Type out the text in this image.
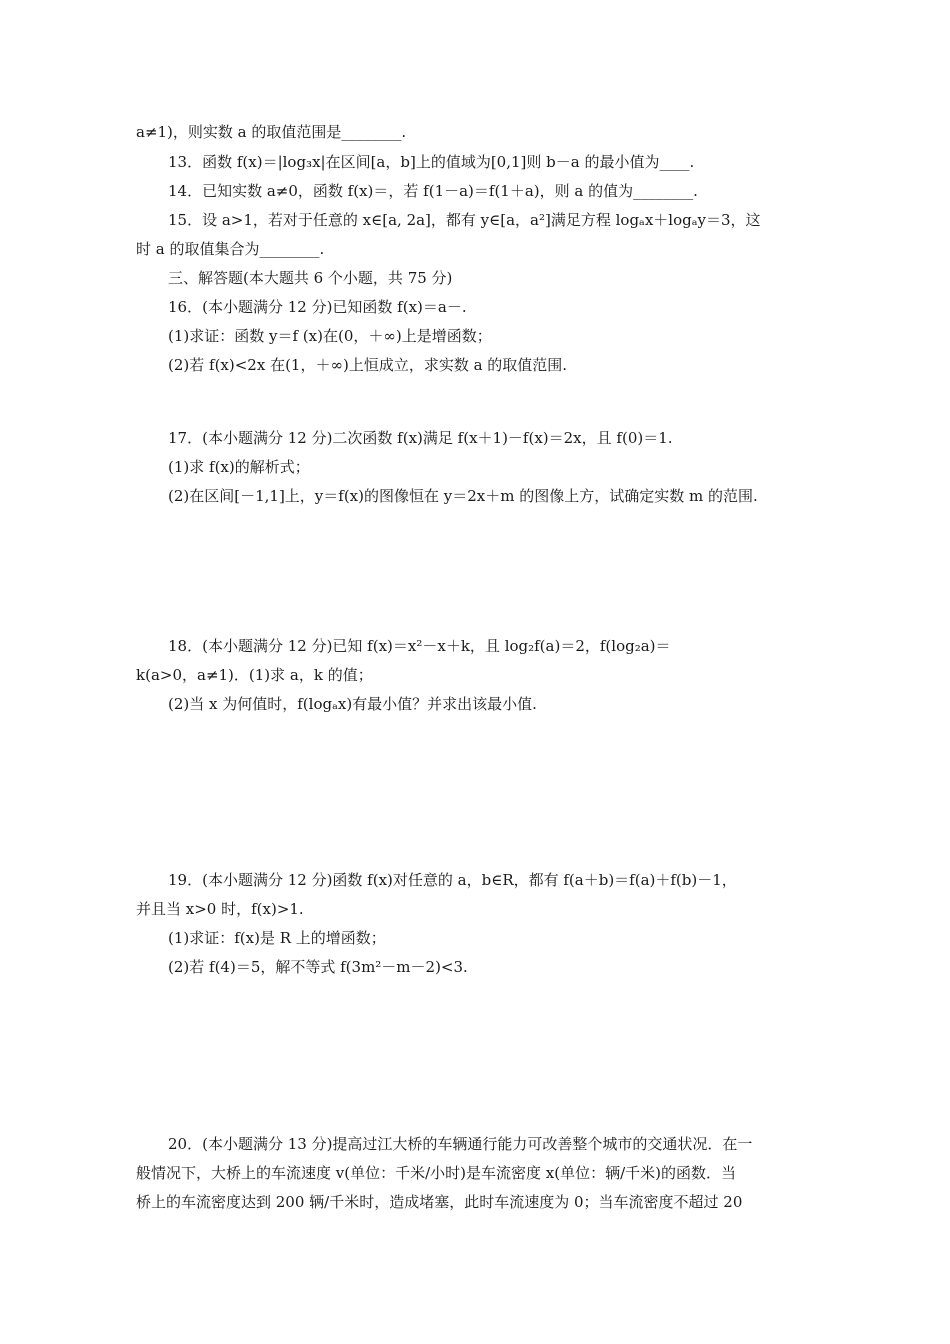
a≠1)，则实数 a 的取值范围是________.
13．函数 f(x)＝|log₃x|在区间[a，b]上的值域为[0,1]则 b－a 的最小值为____.
14．已知实数 a≠0，函数 f(x)＝，若 f(1－a)＝f(1＋a)，则 a 的值为________.
15．设 a>1，若对于任意的 x∈[a, 2a]，都有 y∈[a，a²]满足方程 logₐx＋logₐy＝3，这
时 a 的取值集合为________.
三、解答题(本大题共 6 个小题，共 75 分)
16．(本小题满分 12 分)已知函数 f(x)＝a－.
(1)求证：函数 y＝f (x)在(0，＋∞)上是增函数；
(2)若 f(x)<2x 在(1，＋∞)上恒成立，求实数 a 的取值范围.
17．(本小题满分 12 分)二次函数 f(x)满足 f(x＋1)－f(x)＝2x，且 f(0)＝1.
(1)求 f(x)的解析式；
(2)在区间[－1,1]上，y＝f(x)的图像恒在 y＝2x＋m 的图像上方，试确定实数 m 的范围.
18．(本小题满分 12 分)已知 f(x)＝x²－x＋k，且 log₂f(a)＝2，f(log₂a)＝
k(a>0，a≠1)．(1)求 a，k 的值；
(2)当 x 为何值时，f(logₐx)有最小值？并求出该最小值.
19．(本小题满分 12 分)函数 f(x)对任意的 a，b∈R，都有 f(a＋b)＝f(a)＋f(b)－1，
并且当 x>0 时，f(x)>1.
(1)求证：f(x)是 R 上的增函数；
(2)若 f(4)＝5，解不等式 f(3m²－m－2)<3.
20．(本小题满分 13 分)提高过江大桥的车辆通行能力可改善整个城市的交通状况．在一
般情况下，大桥上的车流速度 v(单位：千米/小时)是车流密度 x(单位：辆/千米)的函数．当
桥上的车流密度达到 200 辆/千米时，造成堵塞，此时车流速度为 0；当车流密度不超过 20
